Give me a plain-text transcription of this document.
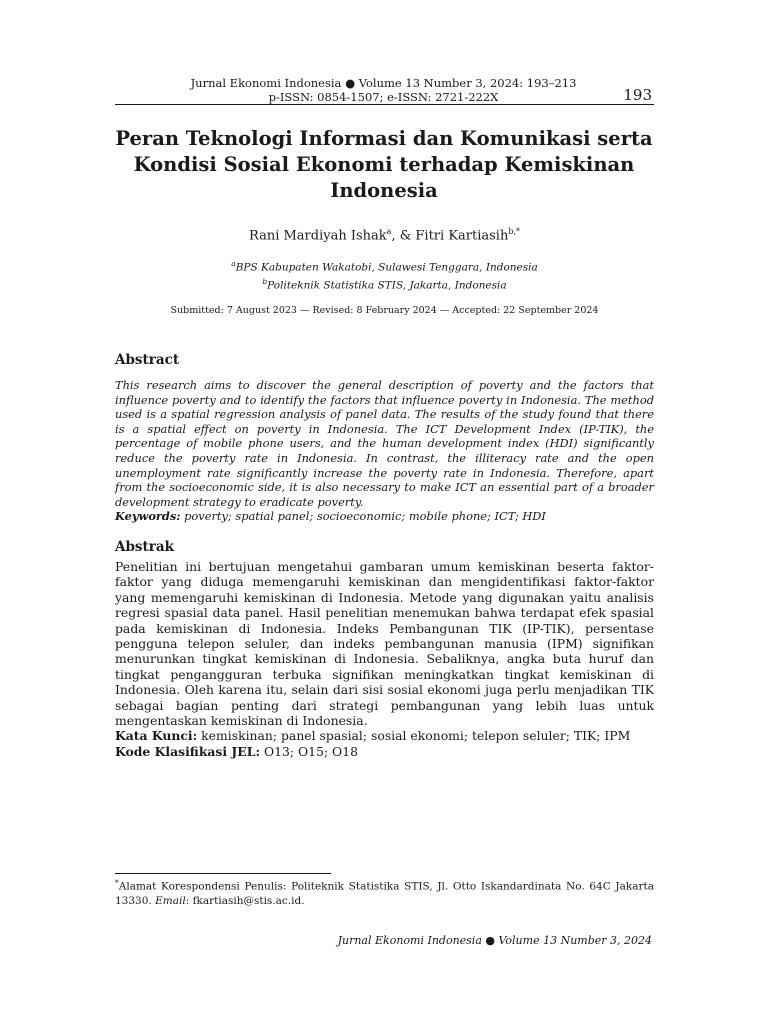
Jurnal Ekonomi Indonesia ● Volume 13 Number 3, 2024: 193–213
p-ISSN: 0854-1507; e-ISSN: 2721-222X	193
Peran Teknologi Informasi dan Komunikasi serta
Kondisi Sosial Ekonomi terhadap Kemiskinan
Indonesia
Rani Mardiyah Ishak$^a$, & Fitri Kartiasih$^{b,*}$
$^a$BPS Kabupaten Wakatobi, Sulawesi Tenggara, Indonesia
$^b$Politeknik Statistika STIS, Jakarta, Indonesia
Submitted: 7 August 2023 — Revised: 8 February 2024 — Accepted: 22 September 2024
Abstract
This research aims to discover the general description of poverty and the factors that influence poverty and to identify the factors that influence poverty in Indonesia. The method used is a spatial regression analysis of panel data. The results of the study found that there is a spatial effect on poverty in Indonesia. The ICT Development Index (IP-TIK), the percentage of mobile phone users, and the human development index (HDI) significantly reduce the poverty rate in Indonesia. In contrast, the illiteracy rate and the open unemployment rate significantly increase the poverty rate in Indonesia. Therefore, apart from the socioeconomic side, it is also necessary to make ICT an essential part of a broader development strategy to eradicate poverty.
Keywords: poverty; spatial panel; socioeconomic; mobile phone; ICT; HDI
Abstrak
Penelitian ini bertujuan mengetahui gambaran umum kemiskinan beserta faktor-faktor yang diduga memengaruhi kemiskinan dan mengidentifikasi faktor-faktor yang memengaruhi kemiskinan di Indonesia. Metode yang digunakan yaitu analisis regresi spasial data panel. Hasil penelitian menemukan bahwa terdapat efek spasial pada kemiskinan di Indonesia. Indeks Pembangunan TIK (IP-TIK), persentase pengguna telepon seluler, dan indeks pembangunan manusia (IPM) signifikan menurunkan tingkat kemiskinan di Indonesia. Sebaliknya, angka buta huruf dan tingkat pengangguran terbuka signifikan meningkatkan tingkat kemiskinan di Indonesia. Oleh karena itu, selain dari sisi sosial ekonomi juga perlu menjadikan TIK sebagai bagian penting dari strategi pembangunan yang lebih luas untuk mengentaskan kemiskinan di Indonesia.
Kata Kunci: kemiskinan; panel spasial; sosial ekonomi; telepon seluler; TIK; IPM
Kode Klasifikasi JEL: O13; O15; O18
*Alamat Korespondensi Penulis: Politeknik Statistika STIS, Jl. Otto Iskandardinata No. 64C Jakarta 13330. Email: fkartiasih@stis.ac.id.
Jurnal Ekonomi Indonesia ● Volume 13 Number 3, 2024
